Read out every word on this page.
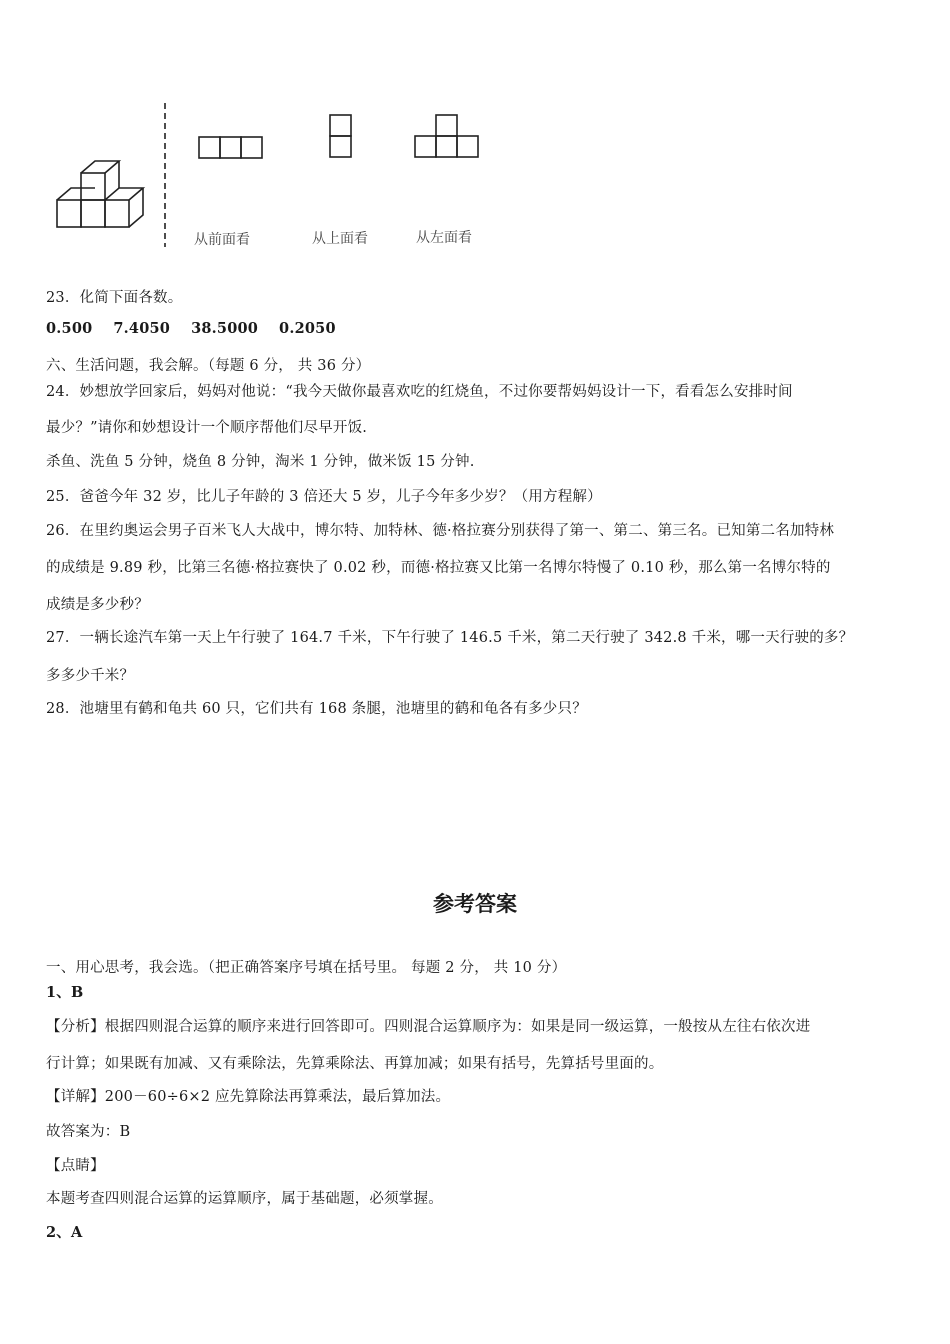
从前面看	从上面看	从左面看
23．化简下面各数。
0.500    7.4050    38.5000    0.2050
六、生活问题，我会解。（每题 6 分， 共 36 分）
24．妙想放学回家后，妈妈对他说：“我今天做你最喜欢吃的红烧鱼，不过你要帮妈妈设计一下，看看怎么安排时间
最少？”请你和妙想设计一个顺序帮他们尽早开饭.
杀鱼、洗鱼 5 分钟，烧鱼 8 分钟，淘米 1 分钟，做米饭 15 分钟.
25．爸爸今年 32 岁，比儿子年龄的 3 倍还大 5 岁，儿子今年多少岁？（用方程解）
26．在里约奥运会男子百米飞人大战中，博尔特、加特林、德·格拉赛分别获得了第一、第二、第三名。已知第二名加特林
的成绩是 9.89 秒，比第三名德·格拉赛快了 0.02 秒，而德·格拉赛又比第一名博尔特慢了 0.10 秒，那么第一名博尔特的
成绩是多少秒？
27．一辆长途汽车第一天上午行驶了 164.7 千米，下午行驶了 146.5 千米，第二天行驶了 342.8 千米，哪一天行驶的多？
多多少千米？
28．池塘里有鹤和龟共 60 只，它们共有 168 条腿，池塘里的鹤和龟各有多少只？
参考答案
一、用心思考，我会选。（把正确答案序号填在括号里。 每题 2 分， 共 10 分）
1、B
【分析】根据四则混合运算的顺序来进行回答即可。四则混合运算顺序为：如果是同一级运算，一般按从左往右依次进
行计算；如果既有加减、又有乘除法，先算乘除法、再算加减；如果有括号，先算括号里面的。
【详解】200－60÷6×2 应先算除法再算乘法，最后算加法。
故答案为：B
【点睛】
本题考查四则混合运算的运算顺序，属于基础题，必须掌握。
2、A
